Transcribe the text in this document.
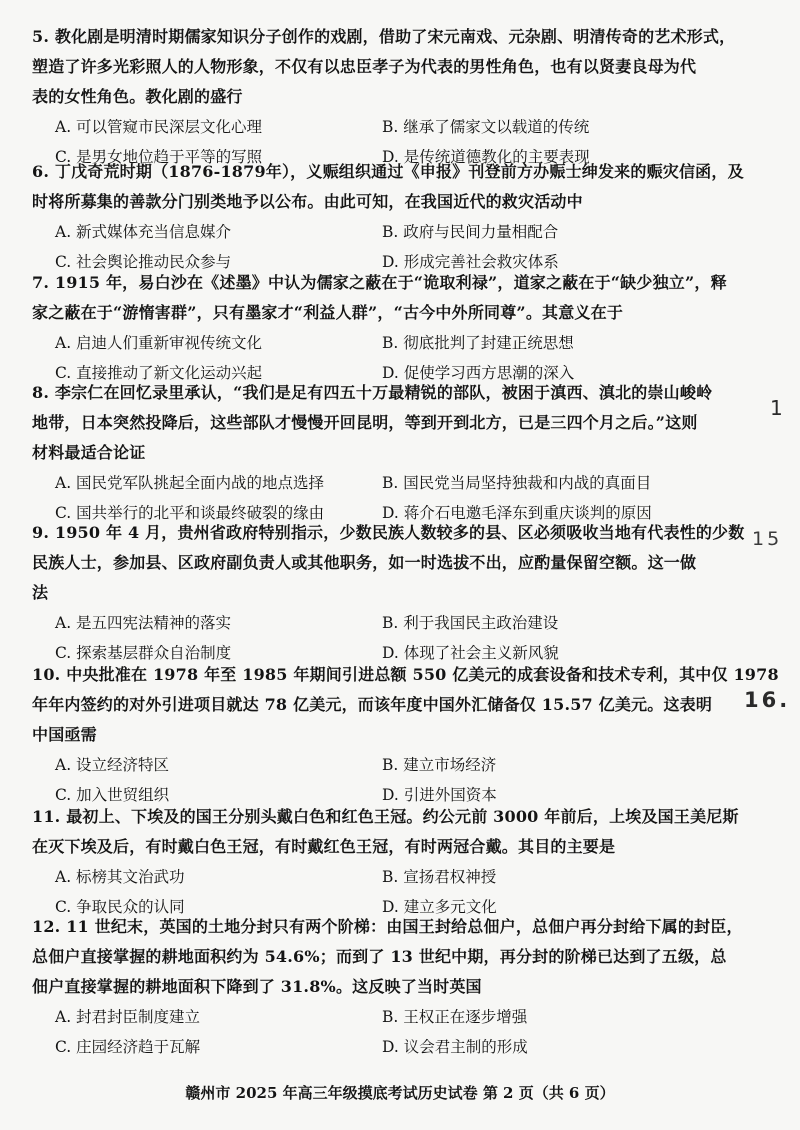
5. 教化剧是明清时期儒家知识分子创作的戏剧，借助了宋元南戏、元杂剧、明清传奇的艺术形式，
塑造了许多光彩照人的人物形象，不仅有以忠臣孝子为代表的男性角色，也有以贤妻良母为代
表的女性角色。教化剧的盛行
A. 可以管窥市民深层文化心理	B. 继承了儒家文以载道的传统
C. 是男女地位趋于平等的写照	D. 是传统道德教化的主要表现
6. 丁戊奇荒时期（1876-1879年），义赈组织通过《申报》刊登前方办赈士绅发来的赈灾信函，及
时将所募集的善款分门别类地予以公布。由此可知，在我国近代的救灾活动中
A. 新式媒体充当信息媒介	B. 政府与民间力量相配合
C. 社会舆论推动民众参与	D. 形成完善社会救灾体系
7. 1915 年，易白沙在《述墨》中认为儒家之蔽在于“诡取利禄”，道家之蔽在于“缺少独立”，释
家之蔽在于“游惰害群”，只有墨家才“利益人群”，“古今中外所同尊”。其意义在于
A. 启迪人们重新审视传统文化	B. 彻底批判了封建正统思想
C. 直接推动了新文化运动兴起	D. 促使学习西方思潮的深入
8. 李宗仁在回忆录里承认，“我们是足有四五十万最精锐的部队，被困于滇西、滇北的崇山峻岭
地带，日本突然投降后，这些部队才慢慢开回昆明，等到开到北方，已是三四个月之后。”这则
材料最适合论证
A. 国民党军队挑起全面内战的地点选择	B. 国民党当局坚持独裁和内战的真面目
C. 国共举行的北平和谈最终破裂的缘由	D. 蒋介石电邀毛泽东到重庆谈判的原因
9. 1950 年 4 月，贵州省政府特别指示，少数民族人数较多的县、区必须吸收当地有代表性的少数
民族人士，参加县、区政府副负责人或其他职务，如一时选拔不出，应酌量保留空额。这一做
法
A. 是五四宪法精神的落实	B. 利于我国民主政治建设
C. 探索基层群众自治制度	D. 体现了社会主义新风貌
10. 中央批准在 1978 年至 1985 年期间引进总额 550 亿美元的成套设备和技术专利，其中仅 1978
年年内签约的对外引进项目就达 78 亿美元，而该年度中国外汇储备仅 15.57 亿美元。这表明
中国亟需
A. 设立经济特区	B. 建立市场经济
C. 加入世贸组织	D. 引进外国资本
11. 最初上、下埃及的国王分别头戴白色和红色王冠。约公元前 3000 年前后，上埃及国王美尼斯
在灭下埃及后，有时戴白色王冠，有时戴红色王冠，有时两冠合戴。其目的主要是
A. 标榜其文治武功	B. 宣扬君权神授
C. 争取民众的认同	D. 建立多元文化
12. 11 世纪末，英国的土地分封只有两个阶梯：由国王封给总佃户，总佃户再分封给下属的封臣，
总佃户直接掌握的耕地面积约为 54.6%；而到了 13 世纪中期，再分封的阶梯已达到了五级，总
佃户直接掌握的耕地面积下降到了 31.8%。这反映了当时英国
A. 封君封臣制度建立	B. 王权正在逐步增强
C. 庄园经济趋于瓦解	D. 议会君主制的形成
1
15
16.
赣州市 2025 年高三年级摸底考试历史试卷 第 2 页（共 6 页）
